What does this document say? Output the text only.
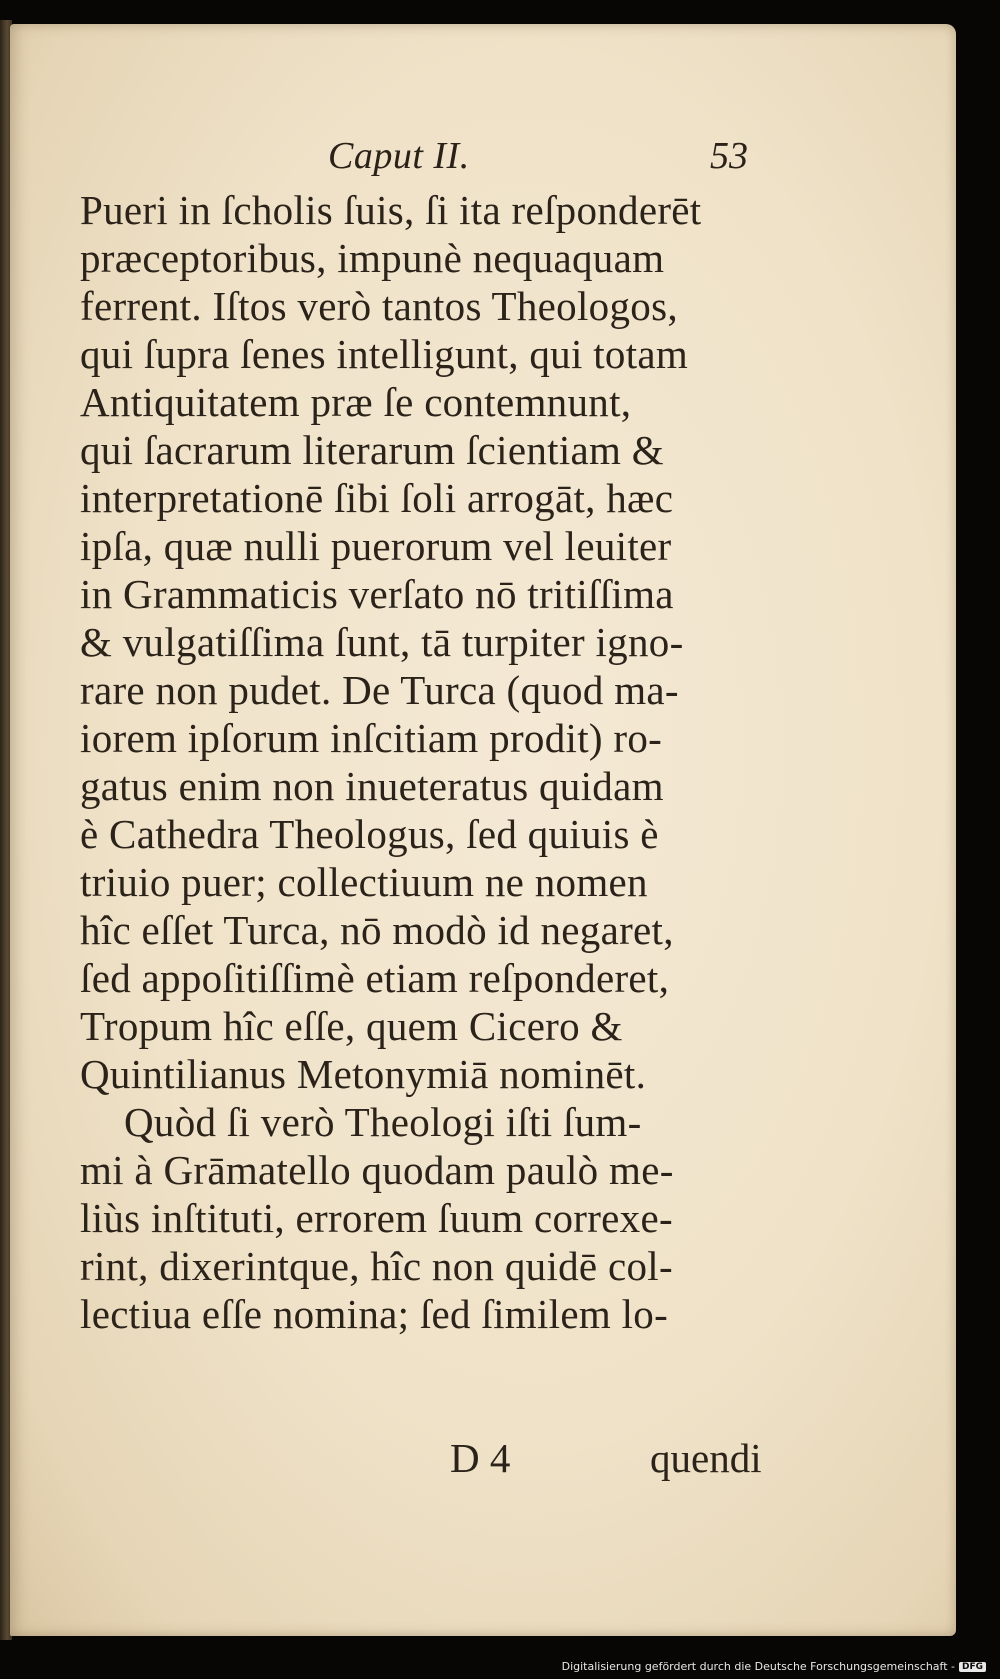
Caput II.	53
Pueri in ſcholis ſuis, ſi ita reſponderēt
præceptoribus, impunè nequaquam
ferrent. Iſtos verò tantos Theologos,
qui ſupra ſenes intelligunt, qui totam
Antiquitatem præ ſe contemnunt,
qui ſacrarum literarum ſcientiam &
interpretationē ſibi ſoli arrogāt, hæc
ipſa, quæ nulli puerorum vel leuiter
in Grammaticis verſato nō tritiſſima
& vulgatiſſima ſunt, tā turpiter igno-
rare non pudet. De Turca (quod ma-
iorem ipſorum inſcitiam prodit) ro-
gatus enim non inueteratus quidam
è Cathedra Theologus, ſed quiuis è
triuio puer; collectiuum ne nomen
hîc eſſet Turca, nō modò id negaret,
ſed appoſitiſſimè etiam reſponderet,
Tropum hîc eſſe, quem Cicero &
Quintilianus Metonymiā nominēt.
Quòd ſi verò Theologi iſti ſum-
mi à Grāmatello quodam paulò me-
liùs inſtituti, errorem ſuum correxe-
rint, dixerintque, hîc non quidē col-
lectiua eſſe nomina; ſed ſimilem lo-
D 4	quendi
Digitalisierung gefördert durch die Deutsche Forschungsgemeinschaft - DFG
